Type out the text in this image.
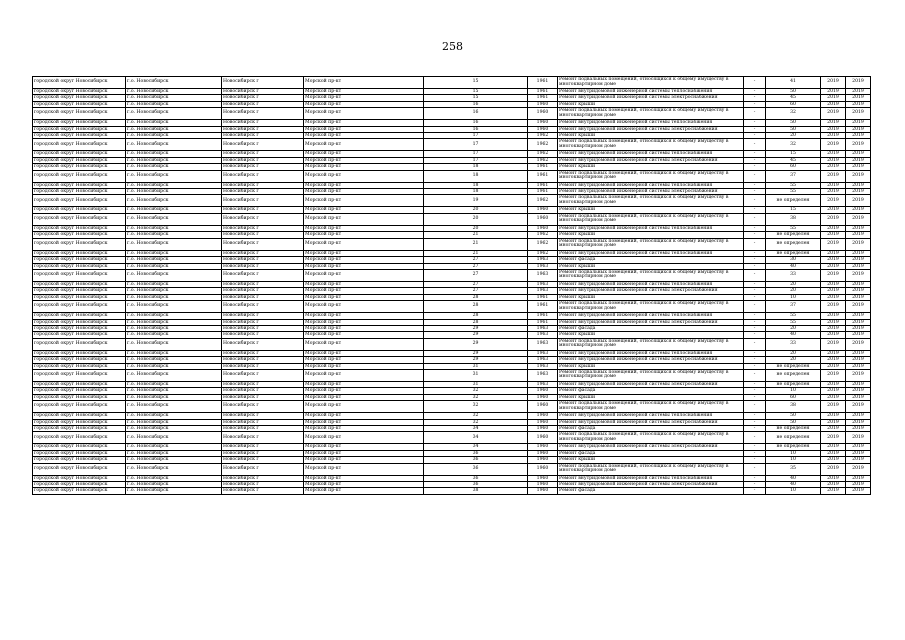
258
городской округ Новосибирск	г.о. Новосибирск	Новосибирск г	Морской пр-кт	15	1961	Ремонт подвальных помещений, относящихся к общему имуществу в многоквартирном доме	-	41	2019	2019
городской округ Новосибирск	г.о. Новосибирск	Новосибирск г	Морской пр-кт	15	1961	Ремонт внутридомовой инженерной системы теплоснабжения	-	50	2019	2019
городской округ Новосибирск	г.о. Новосибирск	Новосибирск г	Морской пр-кт	15	1961	Ремонт внутридомовой инженерной системы электроснабжения	-	45	2019	2019
городской округ Новосибирск	г.о. Новосибирск	Новосибирск г	Морской пр-кт	16	1960	Ремонт крыши	-	60	2019	2019
городской округ Новосибирск	г.о. Новосибирск	Новосибирск г	Морской пр-кт	16	1960	Ремонт подвальных помещений, относящихся к общему имуществу в многоквартирном доме	-	32	2019	2019
городской округ Новосибирск	г.о. Новосибирск	Новосибирск г	Морской пр-кт	16	1960	Ремонт внутридомовой инженерной системы теплоснабжения	-	50	2019	2019
городской округ Новосибирск	г.о. Новосибирск	Новосибирск г	Морской пр-кт	16	1960	Ремонт внутридомовой инженерной системы электроснабжения	-	50	2019	2019
городской округ Новосибирск	г.о. Новосибирск	Новосибирск г	Морской пр-кт	17	1962	Ремонт крыши	-	20	2019	2019
городской округ Новосибирск	г.о. Новосибирск	Новосибирск г	Морской пр-кт	17	1962	Ремонт подвальных помещений, относящихся к общему имуществу в многоквартирном доме	-	32	2019	2019
городской округ Новосибирск	г.о. Новосибирск	Новосибирск г	Морской пр-кт	17	1962	Ремонт внутридомовой инженерной системы теплоснабжения	-	15	2019	2019
городской округ Новосибирск	г.о. Новосибирск	Новосибирск г	Морской пр-кт	17	1962	Ремонт внутридомовой инженерной системы электроснабжения	-	45	2019	2019
городской округ Новосибирск	г.о. Новосибирск	Новосибирск г	Морской пр-кт	18	1961	Ремонт крыши	-	60	2019	2019
городской округ Новосибирск	г.о. Новосибирск	Новосибирск г	Морской пр-кт	18	1961	Ремонт подвальных помещений, относящихся к общему имуществу в многоквартирном доме	-	37	2019	2019
городской округ Новосибирск	г.о. Новосибирск	Новосибирск г	Морской пр-кт	18	1961	Ремонт внутридомовой инженерной системы теплоснабжения	-	55	2019	2019
городской округ Новосибирск	г.о. Новосибирск	Новосибирск г	Морской пр-кт	18	1961	Ремонт внутридомовой инженерной системы электроснабжения	-	55	2019	2019
городской округ Новосибирск	г.о. Новосибирск	Новосибирск г	Морской пр-кт	19	1962	Ремонт подвальных помещений, относящихся к общему имуществу в многоквартирном доме	-	не определен	2019	2019
городской округ Новосибирск	г.о. Новосибирск	Новосибирск г	Морской пр-кт	20	1960	Ремонт крыши	-	15	2019	2019
городской округ Новосибирск	г.о. Новосибирск	Новосибирск г	Морской пр-кт	20	1960	Ремонт подвальных помещений, относящихся к общему имуществу в многоквартирном доме	-	38	2019	2019
городской округ Новосибирск	г.о. Новосибирск	Новосибирск г	Морской пр-кт	20	1960	Ремонт внутридомовой инженерной системы теплоснабжения	-	55	2019	2019
городской округ Новосибирск	г.о. Новосибирск	Новосибирск г	Морской пр-кт	21	1962	Ремонт крыши	-	не определен	2019	2019
городской округ Новосибирск	г.о. Новосибирск	Новосибирск г	Морской пр-кт	21	1962	Ремонт подвальных помещений, относящихся к общему имуществу в многоквартирном доме	-	не определен	2019	2019
городской округ Новосибирск	г.о. Новосибирск	Новосибирск г	Морской пр-кт	21	1962	Ремонт внутридомовой инженерной системы теплоснабжения	-	не определен	2019	2019
городской округ Новосибирск	г.о. Новосибирск	Новосибирск г	Морской пр-кт	27	1963	Ремонт фасада	-	30	2019	2019
городской округ Новосибирск	г.о. Новосибирск	Новосибирск г	Морской пр-кт	27	1963	Ремонт крыши	-	40	2019	2019
городской округ Новосибирск	г.о. Новосибирск	Новосибирск г	Морской пр-кт	27	1963	Ремонт подвальных помещений, относящихся к общему имуществу в многоквартирном доме	-	33	2019	2019
городской округ Новосибирск	г.о. Новосибирск	Новосибирск г	Морской пр-кт	27	1963	Ремонт внутридомовой инженерной системы теплоснабжения	-	20	2019	2019
городской округ Новосибирск	г.о. Новосибирск	Новосибирск г	Морской пр-кт	27	1963	Ремонт внутридомовой инженерной системы электроснабжения	-	20	2019	2019
городской округ Новосибирск	г.о. Новосибирск	Новосибирск г	Морской пр-кт	28	1961	Ремонт крыши	-	10	2019	2019
городской округ Новосибирск	г.о. Новосибирск	Новосибирск г	Морской пр-кт	28	1961	Ремонт подвальных помещений, относящихся к общему имуществу в многоквартирном доме	-	37	2019	2019
городской округ Новосибирск	г.о. Новосибирск	Новосибирск г	Морской пр-кт	28	1961	Ремонт внутридомовой инженерной системы теплоснабжения	-	55	2019	2019
городской округ Новосибирск	г.о. Новосибирск	Новосибирск г	Морской пр-кт	28	1961	Ремонт внутридомовой инженерной системы электроснабжения	-	55	2019	2019
городской округ Новосибирск	г.о. Новосибирск	Новосибирск г	Морской пр-кт	29	1963	Ремонт фасада	-	20	2019	2019
городской округ Новосибирск	г.о. Новосибирск	Новосибирск г	Морской пр-кт	29	1963	Ремонт крыши	-	40	2019	2019
городской округ Новосибирск	г.о. Новосибирск	Новосибирск г	Морской пр-кт	29	1963	Ремонт подвальных помещений, относящихся к общему имуществу в многоквартирном доме	-	33	2019	2019
городской округ Новосибирск	г.о. Новосибирск	Новосибирск г	Морской пр-кт	29	1963	Ремонт внутридомовой инженерной системы теплоснабжения	-	20	2019	2019
городской округ Новосибирск	г.о. Новосибирск	Новосибирск г	Морской пр-кт	29	1963	Ремонт внутридомовой инженерной системы электроснабжения	-	20	2019	2019
городской округ Новосибирск	г.о. Новосибирск	Новосибирск г	Морской пр-кт	31	1963	Ремонт крыши	-	не определен	2019	2019
городской округ Новосибирск	г.о. Новосибирск	Новосибирск г	Морской пр-кт	31	1963	Ремонт подвальных помещений, относящихся к общему имуществу в многоквартирном доме	-	не определен	2019	2019
городской округ Новосибирск	г.о. Новосибирск	Новосибирск г	Морской пр-кт	31	1963	Ремонт внутридомовой инженерной системы электроснабжения	-	не определен	2019	2019
городской округ Новосибирск	г.о. Новосибирск	Новосибирск г	Морской пр-кт	32	1960	Ремонт фасада	-	10	2019	2019
городской округ Новосибирск	г.о. Новосибирск	Новосибирск г	Морской пр-кт	32	1960	Ремонт крыши	-	60	2019	2019
городской округ Новосибирск	г.о. Новосибирск	Новосибирск г	Морской пр-кт	32	1960	Ремонт подвальных помещений, относящихся к общему имуществу в многоквартирном доме	-	38	2019	2019
городской округ Новосибирск	г.о. Новосибирск	Новосибирск г	Морской пр-кт	32	1960	Ремонт внутридомовой инженерной системы теплоснабжения	-	50	2019	2019
городской округ Новосибирск	г.о. Новосибирск	Новосибирск г	Морской пр-кт	32	1960	Ремонт внутридомовой инженерной системы электроснабжения	-	50	2019	2019
городской округ Новосибирск	г.о. Новосибирск	Новосибирск г	Морской пр-кт	34	1960	Ремонт фасада	-	не определен	2019	2019
городской округ Новосибирск	г.о. Новосибирск	Новосибирск г	Морской пр-кт	34	1960	Ремонт подвальных помещений, относящихся к общему имуществу в многоквартирном доме	-	не определен	2019	2019
городской округ Новосибирск	г.о. Новосибирск	Новосибирск г	Морской пр-кт	34	1960	Ремонт внутридомовой инженерной системы электроснабжения	-	не определен	2019	2019
городской округ Новосибирск	г.о. Новосибирск	Новосибирск г	Морской пр-кт	36	1960	Ремонт фасада	-	10	2019	2019
городской округ Новосибирск	г.о. Новосибирск	Новосибирск г	Морской пр-кт	36	1960	Ремонт крыши	-	10	2019	2019
городской округ Новосибирск	г.о. Новосибирск	Новосибирск г	Морской пр-кт	36	1960	Ремонт подвальных помещений, относящихся к общему имуществу в многоквартирном доме	-	35	2019	2019
городской округ Новосибирск	г.о. Новосибирск	Новосибирск г	Морской пр-кт	36	1960	Ремонт внутридомовой инженерной системы теплоснабжения	-	40	2019	2019
городской округ Новосибирск	г.о. Новосибирск	Новосибирск г	Морской пр-кт	36	1960	Ремонт внутридомовой инженерной системы электроснабжения	-	40	2019	2019
городской округ Новосибирск	г.о. Новосибирск	Новосибирск г	Морской пр-кт	38	1960	Ремонт фасада	-	10	2019	2019
